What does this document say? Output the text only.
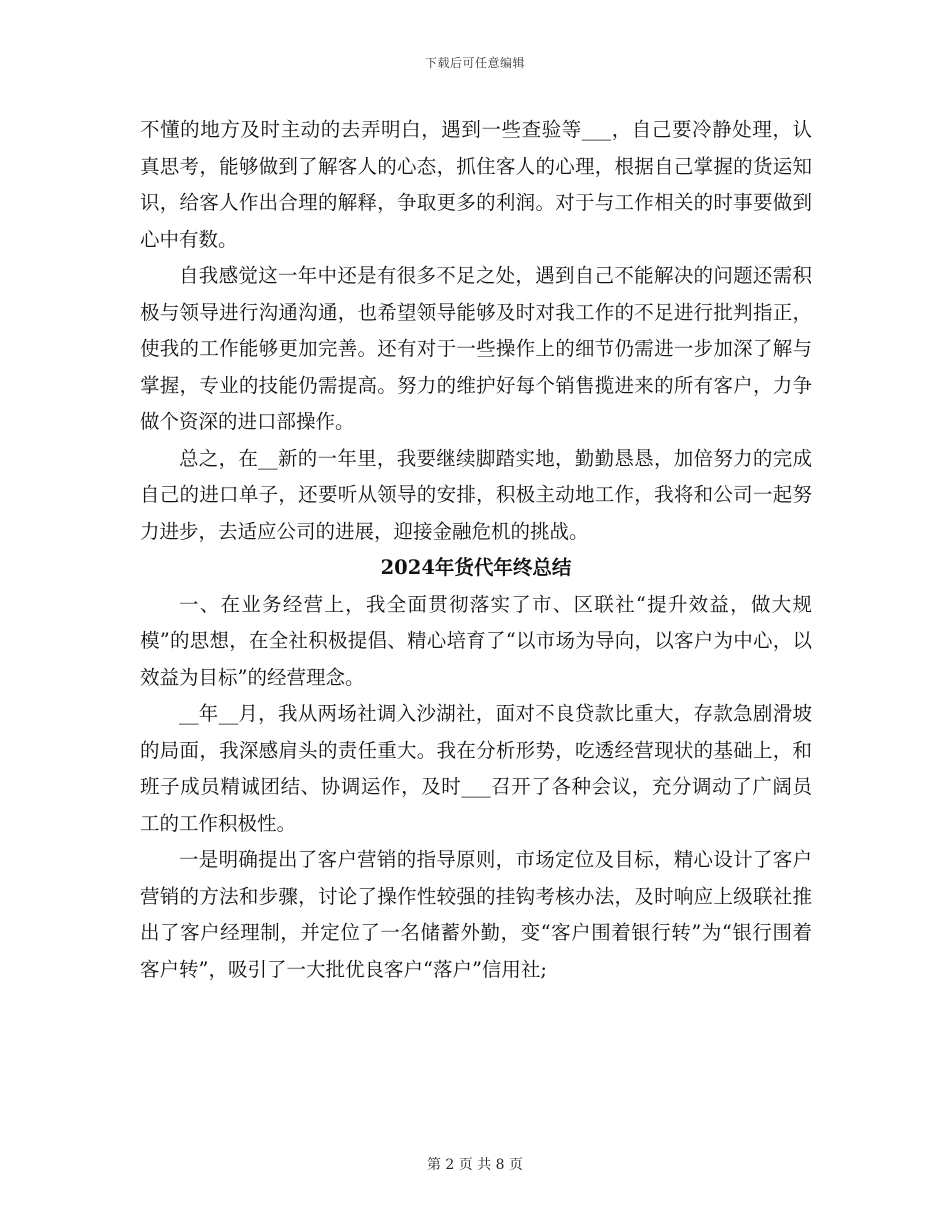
下载后可任意编辑

不懂的地方及时主动的去弄明白，遇到一些查验等___，自己要冷静处理，认真思考，能够做到了解客人的心态，抓住客人的心理，根据自己掌握的货运知识，给客人作出合理的解释，争取更多的利润。对于与工作相关的时事要做到心中有数。

自我感觉这一年中还是有很多不足之处，遇到自己不能解决的问题还需积极与领导进行沟通沟通，也希望领导能够及时对我工作的不足进行批判指正，使我的工作能够更加完善。还有对于一些操作上的细节仍需进一步加深了解与掌握，专业的技能仍需提高。努力的维护好每个销售揽进来的所有客户，力争做个资深的进口部操作。

总之，在__新的一年里，我要继续脚踏实地，勤勤恳恳，加倍努力的完成自己的进口单子，还要听从领导的安排，积极主动地工作，我将和公司一起努力进步，去适应公司的进展，迎接金融危机的挑战。

2024年货代年终总结

一、在业务经营上，我全面贯彻落实了市、区联社“提升效益，做大规模”的思想，在全社积极提倡、精心培育了“以市场为导向，以客户为中心，以效益为目标”的经营理念。

__年__月，我从两场社调入沙湖社，面对不良贷款比重大，存款急剧滑坡的局面，我深感肩头的责任重大。我在分析形势，吃透经营现状的基础上，和班子成员精诚团结、协调运作，及时___召开了各种会议，充分调动了广阔员工的工作积极性。

一是明确提出了客户营销的指导原则，市场定位及目标，精心设计了客户营销的方法和步骤，讨论了操作性较强的挂钩考核办法，及时响应上级联社推出了客户经理制，并定位了一名储蓄外勤，变“客户围着银行转”为“银行围着客户转”，吸引了一大批优良客户“落户”信用社;

第 2 页 共 8 页
